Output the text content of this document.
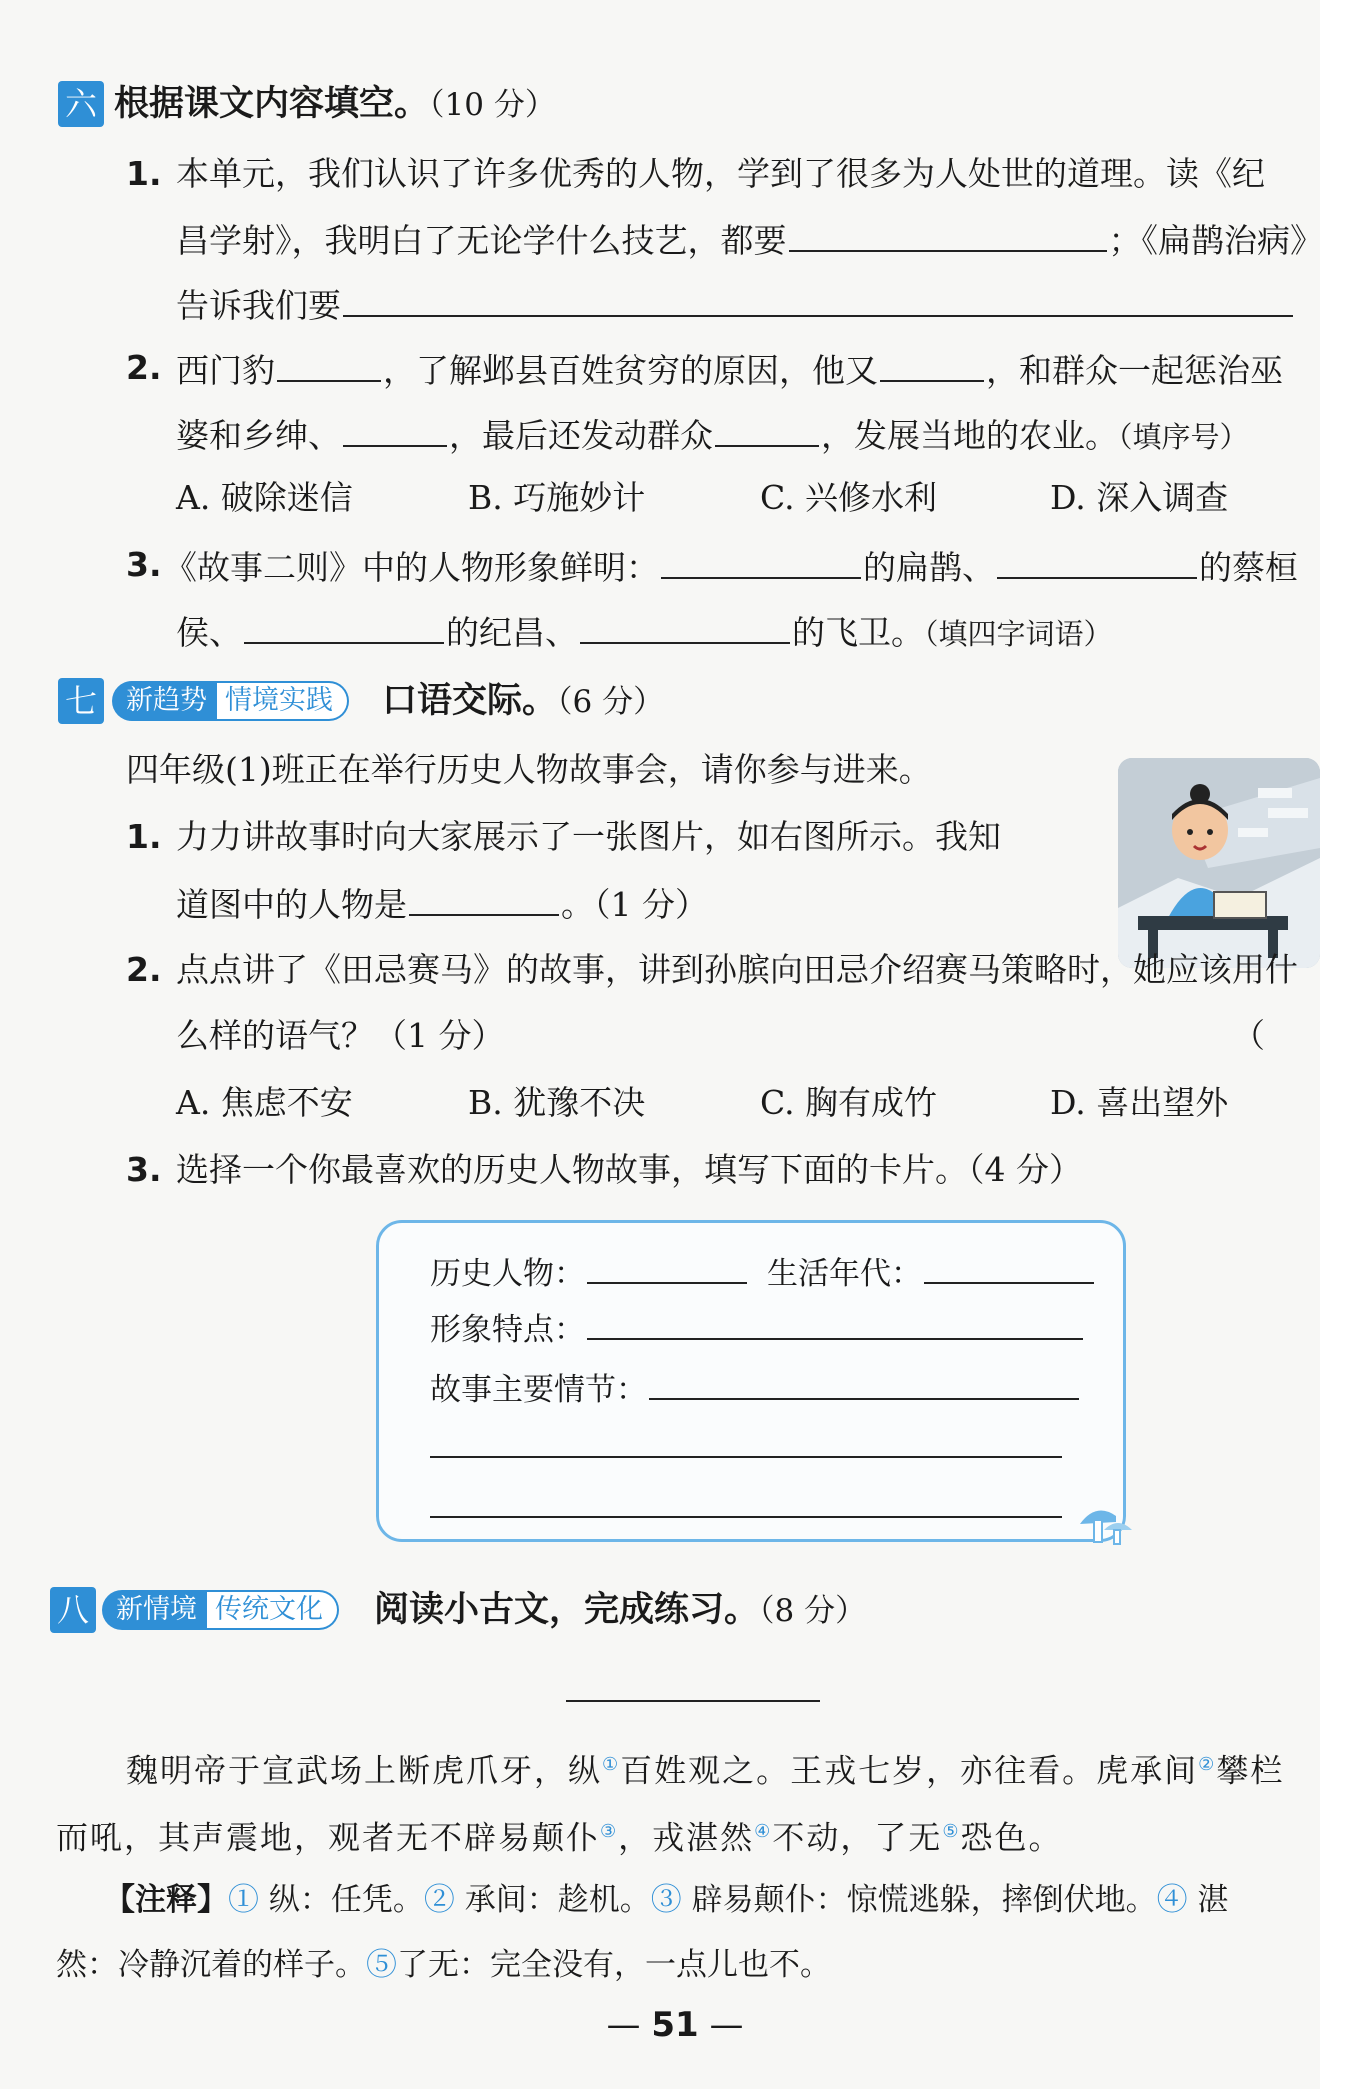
六 根据课文内容填空。（10 分）
1. 本单元，我们认识了许多优秀的人物，学到了很多为人处世的道理。读《纪
昌学射》，我明白了无论学什么技艺，都要	；《扁鹊治病》
告诉我们要
2. 西门豹	，了解邺县百姓贫穷的原因，他又	，和群众一起惩治巫
婆和乡绅、	，最后还发动群众	，发展当地的农业。（填序号）
A. 破除迷信	B. 巧施妙计	C. 兴修水利	D. 深入调查
3. 《故事二则》中的人物形象鲜明：	的扁鹊、	的蔡桓
侯、	的纪昌、	的飞卫。（填四字词语）
七	新趋势 情境实践	口语交际。（6 分）
四年级(1)班正在举行历史人物故事会，请你参与进来。
1. 力力讲故事时向大家展示了一张图片，如右图所示。我知
道图中的人物是	。（1 分）
2. 点点讲了《田忌赛马》的故事，讲到孙膑向田忌介绍赛马策略时，她应该用什
么样的语气？（1 分）	（
A. 焦虑不安	B. 犹豫不决	C. 胸有成竹	D. 喜出望外
3. 选择一个你最喜欢的历史人物故事，填写下面的卡片。（4 分）
历史人物：	生活年代：
形象特点：
故事主要情节：
八	新情境 传统文化	阅读小古文，完成练习。（8 分）
魏明帝于宣武场上断虎爪牙，纵①百姓观之。王戎七岁，亦往看。虎承间②攀栏
而吼，其声震地，观者无不辟易颠仆③，戎湛然④不动，了无⑤恐色。
【注释】① 纵：任凭。② 承间：趁机。③ 辟易颠仆：惊慌逃躲，摔倒伏地。④ 湛
然：冷静沉着的样子。⑤了无：完全没有，一点儿也不。
— 51 —
